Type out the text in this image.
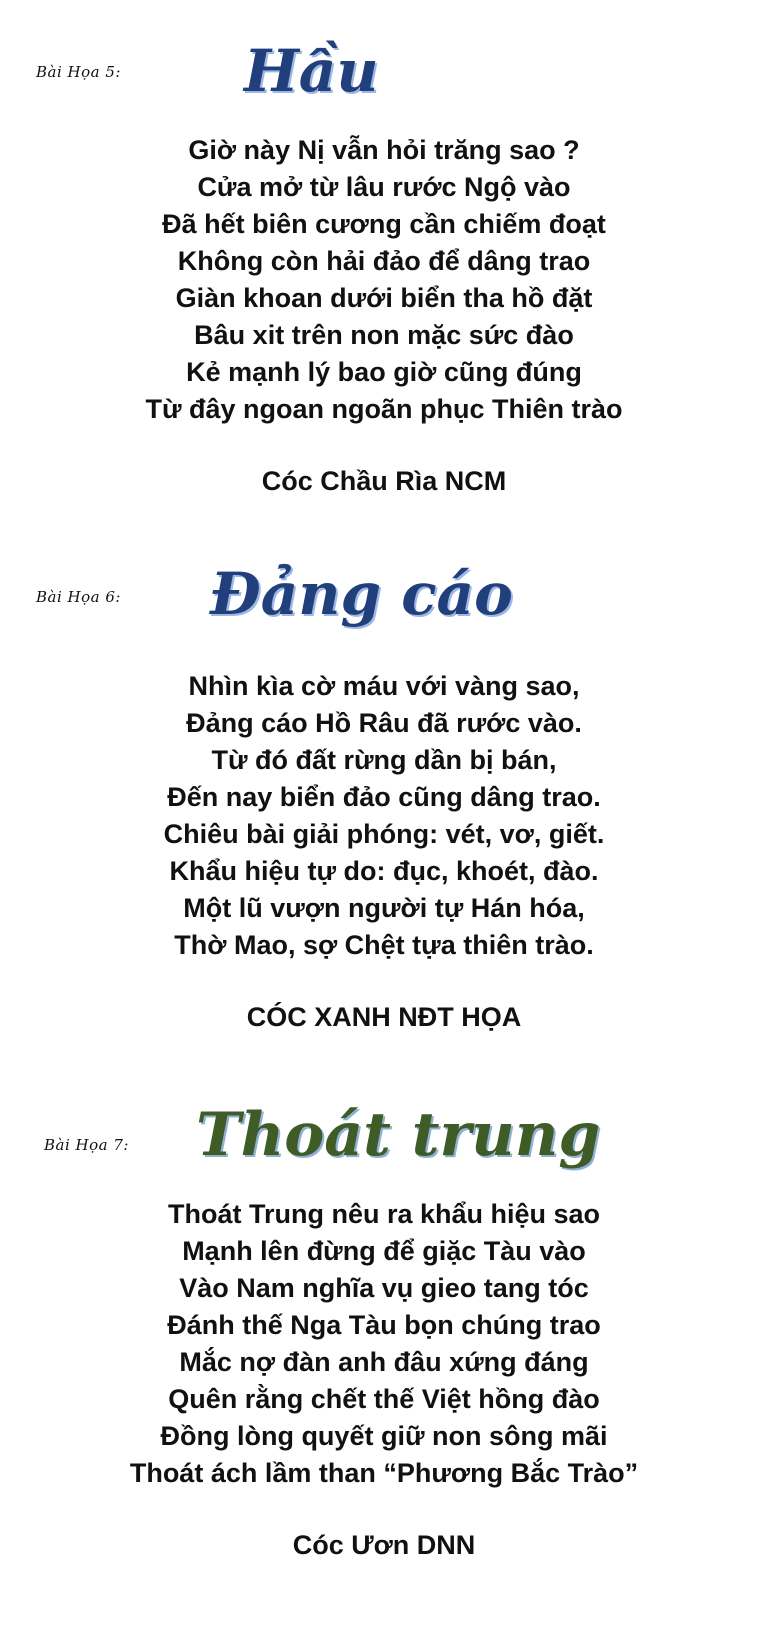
Bài Họa 5: Hầu
Giờ này Nị vẫn hỏi trăng sao ?
Cửa mở từ lâu rước Ngộ vào
Đã hết biên cương cần chiếm đoạt
Không còn hải đảo để dâng trao
Giàn khoan dưới biển tha hồ đặt
Bâu xit trên non mặc sức đào
Kẻ mạnh lý bao giờ cũng đúng
Từ đây ngoan ngoãn phục Thiên trào
Cóc Chầu Rìa NCM
Bài Họa 6: Đảng cáo
Nhìn kìa cờ máu với vàng sao,
Đảng cáo Hồ Râu đã rước vào.
Từ đó đất rừng dần bị bán,
Đến nay biển đảo cũng dâng trao.
Chiêu bài giải phóng: vét, vơ, giết.
Khẩu hiệu tự do: đục, khoét, đào.
Một lũ vượn người tự Hán hóa,
Thờ Mao, sợ Chệt tựa thiên trào.
CÓC XANH NĐT HỌA
Bài Họa 7: Thoát trung
Thoát Trung nêu ra khẩu hiệu sao
Mạnh lên đừng để giặc Tàu vào
Vào Nam nghĩa vụ gieo tang tóc
Đánh thế Nga Tàu bọn chúng trao
Mắc nợ đàn anh đâu xứng đáng
Quên rằng chết thế Việt hồng đào
Đồng lòng quyết giữ non sông mãi
Thoát ách lầm than “Phương Bắc Trào”
Cóc Ươn DNN
